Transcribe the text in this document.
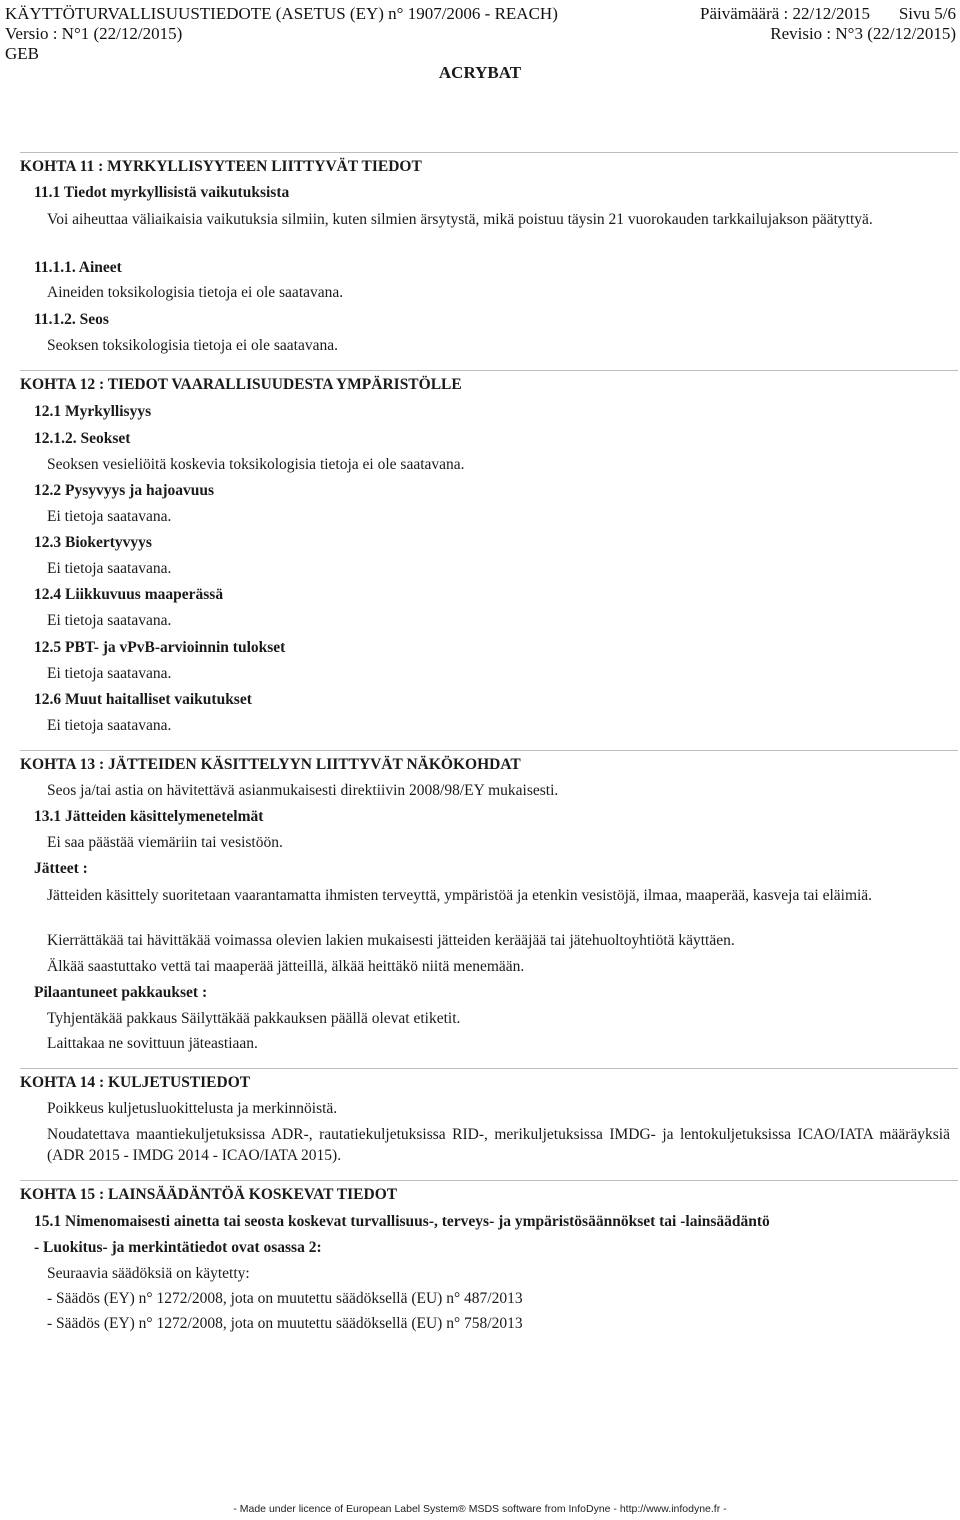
KÄYTTÖTURVALLISUUSTIEDOTE (ASETUS (EY) n° 1907/2006 - REACH)	Päivämäärä : 22/12/2015 Sivu 5/6
Versio : N°1 (22/12/2015)	Revisio : N°3 (22/12/2015)
GEB
ACRYBAT
KOHTA 11 : MYRKYLLISYYTEEN LIITTYVÄT TIEDOT
11.1 Tiedot myrkyllisistä vaikutuksista
Voi aiheuttaa väliaikaisia vaikutuksia silmiin, kuten silmien ärsytystä, mikä poistuu täysin 21 vuorokauden tarkkailujakson päätyttyä.
11.1.1. Aineet
Aineiden toksikologisia tietoja ei ole saatavana.
11.1.2. Seos
Seoksen toksikologisia tietoja ei ole saatavana.
KOHTA 12 : TIEDOT VAARALLISUUDESTA YMPÄRISTÖLLE
12.1 Myrkyllisyys
12.1.2. Seokset
Seoksen vesieliöitä koskevia toksikologisia tietoja ei ole saatavana.
12.2 Pysyvyys ja hajoavuus
Ei tietoja saatavana.
12.3 Biokertyvyys
Ei tietoja saatavana.
12.4 Liikkuvuus maaperässä
Ei tietoja saatavana.
12.5 PBT- ja vPvB-arvioinnin tulokset
Ei tietoja saatavana.
12.6 Muut haitalliset vaikutukset
Ei tietoja saatavana.
KOHTA 13 : JÄTTEIDEN KÄSITTELYYN LIITTYVÄT NÄKÖKOHDAT
Seos ja/tai astia on hävitettävä asianmukaisesti direktiivin 2008/98/EY mukaisesti.
13.1 Jätteiden käsittelymenetelmät
Ei saa päästää viemäriin tai vesistöön.
Jätteet :
Jätteiden käsittely suoritetaan vaarantamatta ihmisten terveyttä, ympäristöä ja etenkin vesistöjä, ilmaa, maaperää, kasveja tai eläimiä.
Kierrättäkää tai hävittäkää voimassa olevien lakien mukaisesti jätteiden kerääjää tai jätehuoltoyhtiötä käyttäen.
Älkää saastuttako vettä tai maaperää jätteillä, älkää heittäkö niitä menemään.
Pilaantuneet pakkaukset :
Tyhjentäkää pakkaus Säilyttäkää pakkauksen päällä olevat etiketit.
Laittakaa ne sovittuun jäteastiaan.
KOHTA 14 : KULJETUSTIEDOT
Poikkeus kuljetusluokittelusta ja merkinnöistä.
Noudatettava maantiekuljetuksissa ADR-, rautatiekuljetuksissa RID-, merikuljetuksissa IMDG- ja lentokuljetuksissa ICAO/IATA määräyksiä (ADR 2015 - IMDG 2014 - ICAO/IATA 2015).
KOHTA 15 : LAINSÄÄDÄNTÖÄ KOSKEVAT TIEDOT
15.1 Nimenomaisesti ainetta tai seosta koskevat turvallisuus-, terveys- ja ympäristösäännökset tai -lainsäädäntö
- Luokitus- ja merkintätiedot ovat osassa 2:
Seuraavia säädöksiä on käytetty:
- Säädös (EY) n° 1272/2008, jota on muutettu säädöksellä (EU) n° 487/2013
- Säädös (EY) n° 1272/2008, jota on muutettu säädöksellä (EU) n° 758/2013
- Made under licence of European Label System® MSDS software from InfoDyne - http://www.infodyne.fr -
